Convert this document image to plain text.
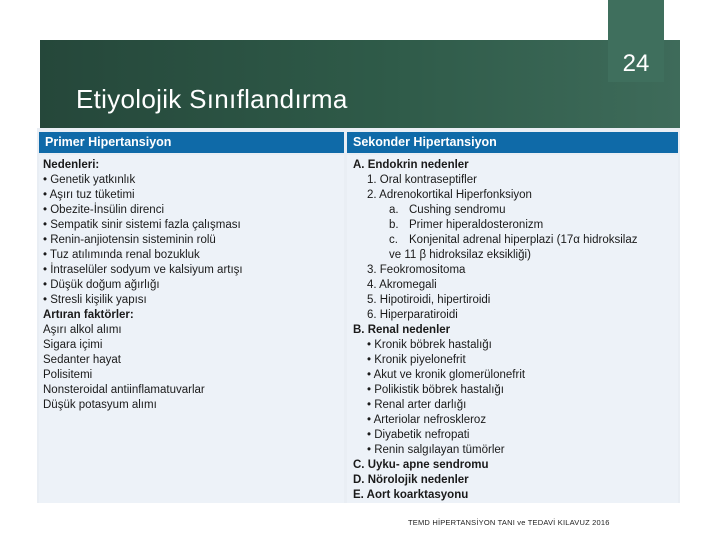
24
Etiyolojik Sınıflandırma
Primer Hipertansiyon	Sekonder Hipertansiyon
Nedenleri:
• Genetik yatkınlık
• Aşırı tuz tüketimi
• Obezite-İnsülin direnci
• Sempatik sinir sistemi fazla çalışması
• Renin-anjiotensin sisteminin rolü
• Tuz atılımında renal bozukluk
• İntraselüler sodyum ve kalsiyum artışı
• Düşük doğum ağırlığı
• Stresli kişilik yapısı
Artıran faktörler:
Aşırı alkol alımı
Sigara içimi
Sedanter hayat
Polisitemi
Nonsteroidal antiinflamatuvarlar
Düşük potasyum alımı
A. Endokrin nedenler
1. Oral kontraseptifler
2. Adrenokortikal Hiperfonksiyon
a. Cushing sendromu
b. Primer hiperaldosteronizm
c. Konjenital adrenal hiperplazi (17α hidroksilaz
ve 11 β hidroksilaz eksikliği)
3. Feokromositoma
4. Akromegali
5. Hipotiroidi, hipertiroidi
6. Hiperparatiroidi
B. Renal nedenler
• Kronik böbrek hastalığı
• Kronik piyelonefrit
• Akut ve kronik glomerülonefrit
• Polikistik böbrek hastalığı
• Renal arter darlığı
• Arteriolar nefroskleroz
• Diyabetik nefropati
• Renin salgılayan tümörler
C. Uyku- apne sendromu
D. Nörolojik nedenler
E. Aort koarktasyonu
TEMD HİPERTANSİYON TANI ve TEDAVİ KILAVUZ 2016
